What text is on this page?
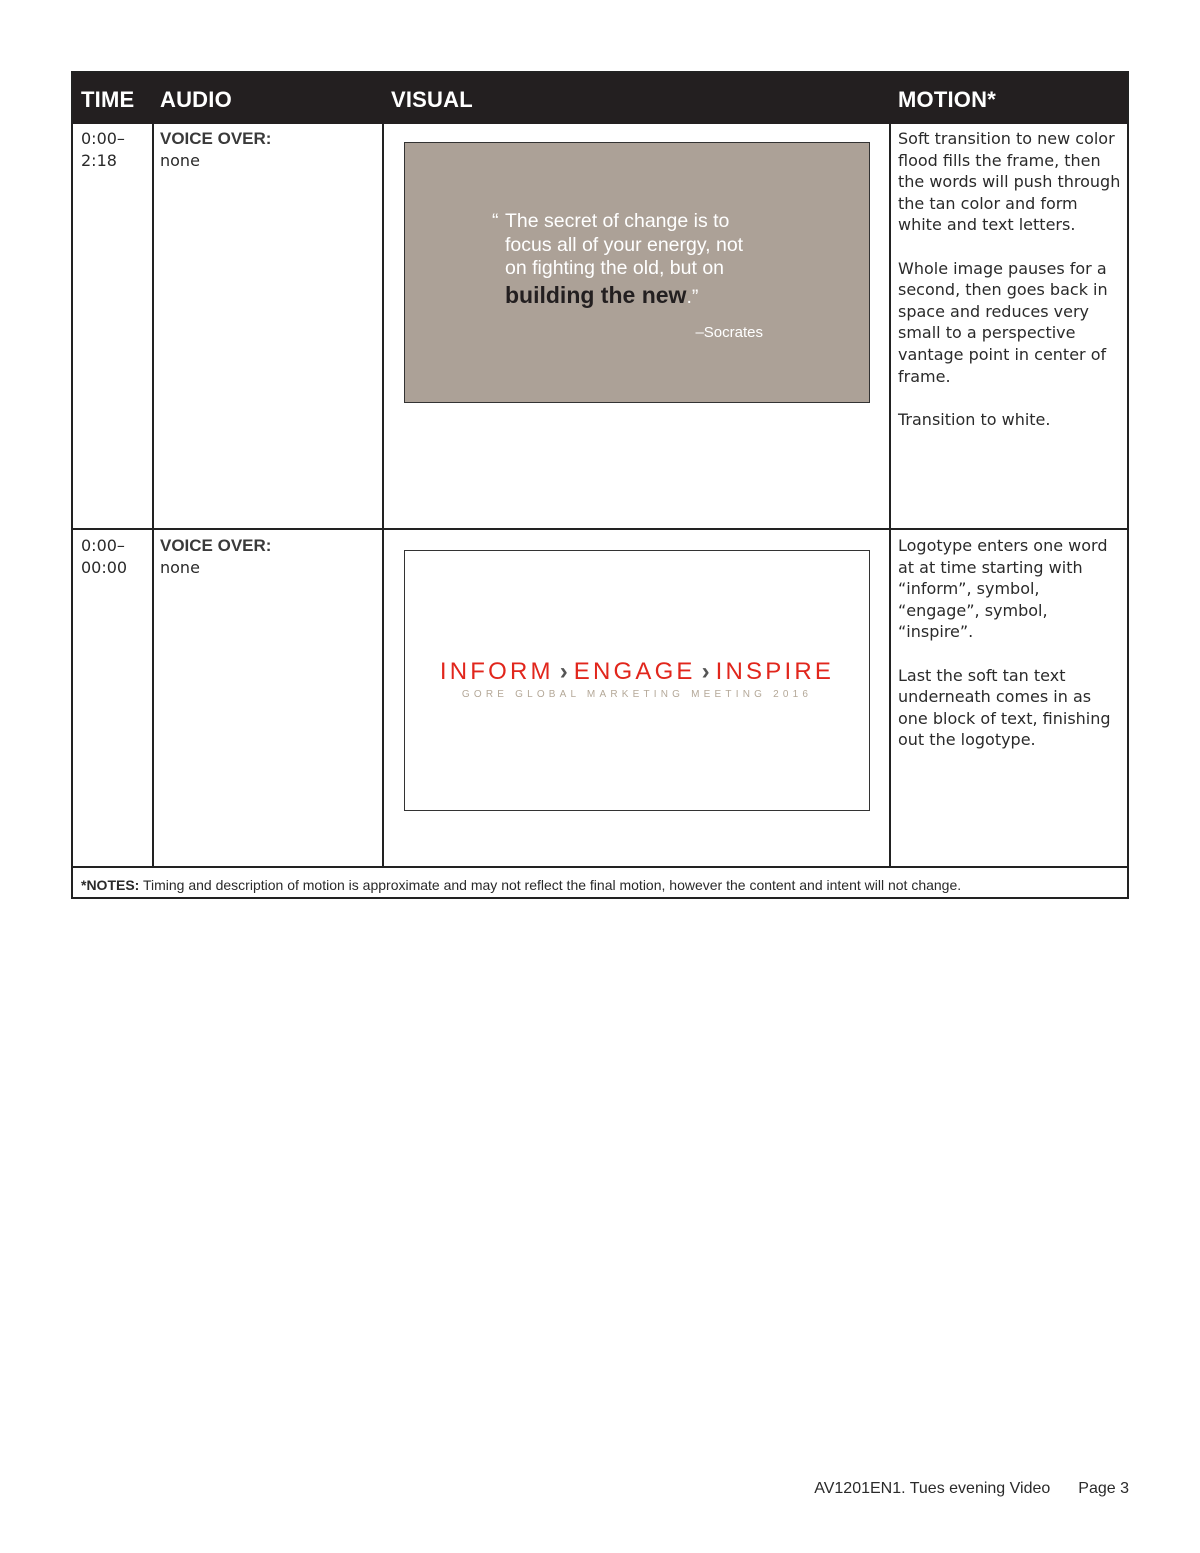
TIME AUDIO	VISUAL	MOTION*
0:00–
2:18
VOICE OVER:
none
“ The secret of change is to
focus all of your energy, not
on fighting the old, but on
building the new.”
–Socrates

Soft transition to new color flood fills the frame, then the words will push through the tan color and form white and text letters.

Whole image pauses for a second, then goes back in space and reduces very small to a perspective vantage point in center of frame.

Transition to white.

0:00–
00:00
VOICE OVER:
none
INFORM › ENGAGE › INSPIRE
GORE GLOBAL MARKETING MEETING 2016

Logotype enters one word at at time starting with “inform”, symbol, “engage”, symbol, “inspire”.

Last the soft tan text underneath comes in as one block of text, finishing out the logotype.

*NOTES: Timing and description of motion is approximate and may not reflect the final motion, however the content and intent will not change.
AV1201EN1. Tues evening Video Page 3
